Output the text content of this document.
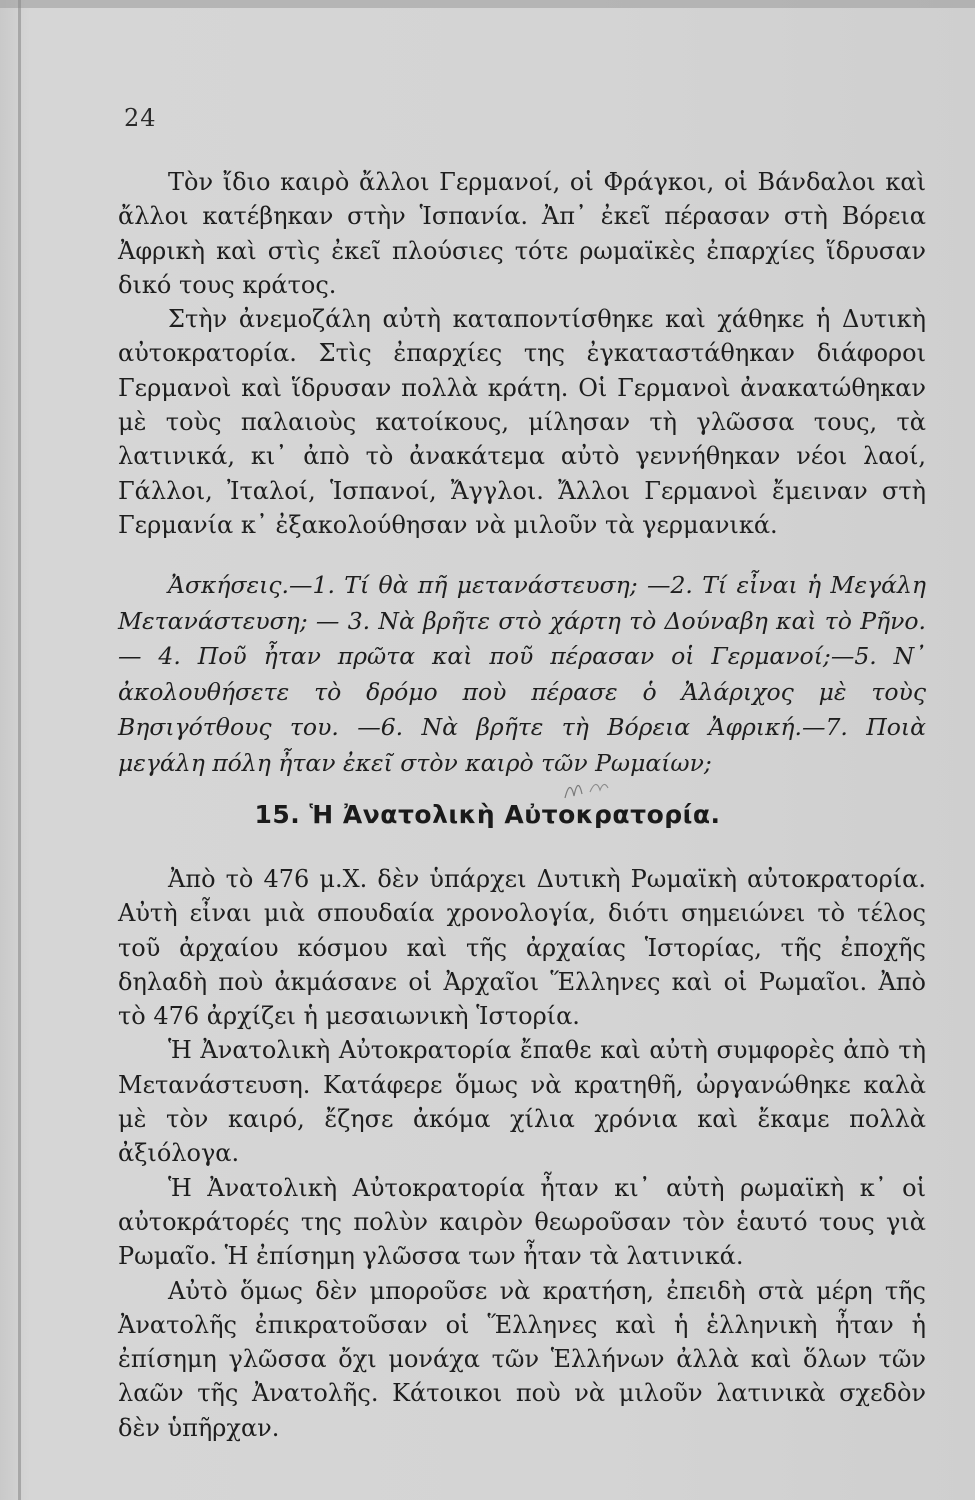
24

Τὸν ἴδιο καιρὸ ἄλλοι Γερμανοί, οἱ Φράγκοι, οἱ Βάνδαλοι καὶ ἄλλοι κατέβηκαν στὴν Ἱσπανία. Ἀπ᾿ ἐκεῖ πέρασαν στὴ Βόρεια Ἀφρικὴ καὶ στὶς ἐκεῖ πλούσιες τότε ρωμαϊκὲς ἐπαρχίες ἵδρυσαν δικό τους κράτος.

Στὴν ἀνεμοζάλη αὐτὴ καταποντίσθηκε καὶ χάθηκε ἡ Δυτικὴ αὐτοκρατορία. Στὶς ἐπαρχίες της ἐγκαταστάθηκαν διάφοροι Γερμανοὶ καὶ ἵδρυσαν πολλὰ κράτη. Οἱ Γερμανοὶ ἀνακατώθηκαν μὲ τοὺς παλαιοὺς κατοίκους, μίλησαν τὴ γλῶσσα τους, τὰ λατινικά, κι᾿ ἀπὸ τὸ ἀνακάτεμα αὐτὸ γεννήθηκαν νέοι λαοί, Γάλλοι, Ἰταλοί, Ἱσπανοί, Ἄγγλοι. Ἄλλοι Γερμανοὶ ἔμειναν στὴ Γερμανία κ᾿ ἐξακολούθησαν νὰ μιλοῦν τὰ γερμανικά.

Ἀσκήσεις.—1. Τί θὰ πῆ μετανάστευση; —2. Τί εἶναι ἡ Μεγάλη Μετανάστευση; — 3. Νὰ βρῆτε στὸ χάρτη τὸ Δούναβη καὶ τὸ Ρῆνο.— 4. Ποῦ ἦταν πρῶτα καὶ ποῦ πέρασαν οἱ Γερμανοί;—5. Ν᾿ ἀκολουθήσετε τὸ δρόμο ποὺ πέρασε ὁ Ἀλάριχος μὲ τοὺς Βησιγότθους του. —6. Νὰ βρῆτε τὴ Βόρεια Ἀφρική.—7. Ποιὰ μεγάλη πόλη ἦταν ἐκεῖ στὸν καιρὸ τῶν Ρωμαίων;

15. Ἡ Ἀνατολικὴ Αὐτοκρατορία.

Ἀπὸ τὸ 476 μ.Χ. δὲν ὑπάρχει Δυτικὴ Ρωμαϊκὴ αὐτοκρατορία. Αὐτὴ εἶναι μιὰ σπουδαία χρονολογία, διότι σημειώνει τὸ τέλος τοῦ ἀρχαίου κόσμου καὶ τῆς ἀρχαίας Ἱστορίας, τῆς ἐποχῆς δηλαδὴ ποὺ ἀκμάσανε οἱ Ἀρχαῖοι Ἕλληνες καὶ οἱ Ρωμαῖοι. Ἀπὸ τὸ 476 ἀρχίζει ἡ μεσαιωνικὴ Ἱστορία.

Ἡ Ἀνατολικὴ Αὐτοκρατορία ἔπαθε καὶ αὐτὴ συμφορὲς ἀπὸ τὴ Μετανάστευση. Κατάφερε ὅμως νὰ κρατηθῆ, ὠργανώθηκε καλὰ μὲ τὸν καιρό, ἔζησε ἀκόμα χίλια χρόνια καὶ ἔκαμε πολλὰ ἀξιόλογα.

Ἡ Ἀνατολικὴ Αὐτοκρατορία ἦταν κι᾿ αὐτὴ ρωμαϊκὴ κ᾿ οἱ αὐτοκράτορές της πολὺν καιρὸν θεωροῦσαν τὸν ἑαυτό τους γιὰ Ρωμαῖο. Ἡ ἐπίσημη γλῶσσα των ἦταν τὰ λατινικά.

Αὐτὸ ὅμως δὲν μποροῦσε νὰ κρατήση, ἐπειδὴ στὰ μέρη τῆς Ἀνατολῆς ἐπικρατοῦσαν οἱ Ἕλληνες καὶ ἡ ἑλληνικὴ ἦταν ἡ ἐπίσημη γλῶσσα ὄχι μονάχα τῶν Ἑλλήνων ἀλλὰ καὶ ὅλων τῶν λαῶν τῆς Ἀνατολῆς. Κάτοικοι ποὺ νὰ μιλοῦν λατινικὰ σχεδὸν δὲν ὑπῆρχαν.
